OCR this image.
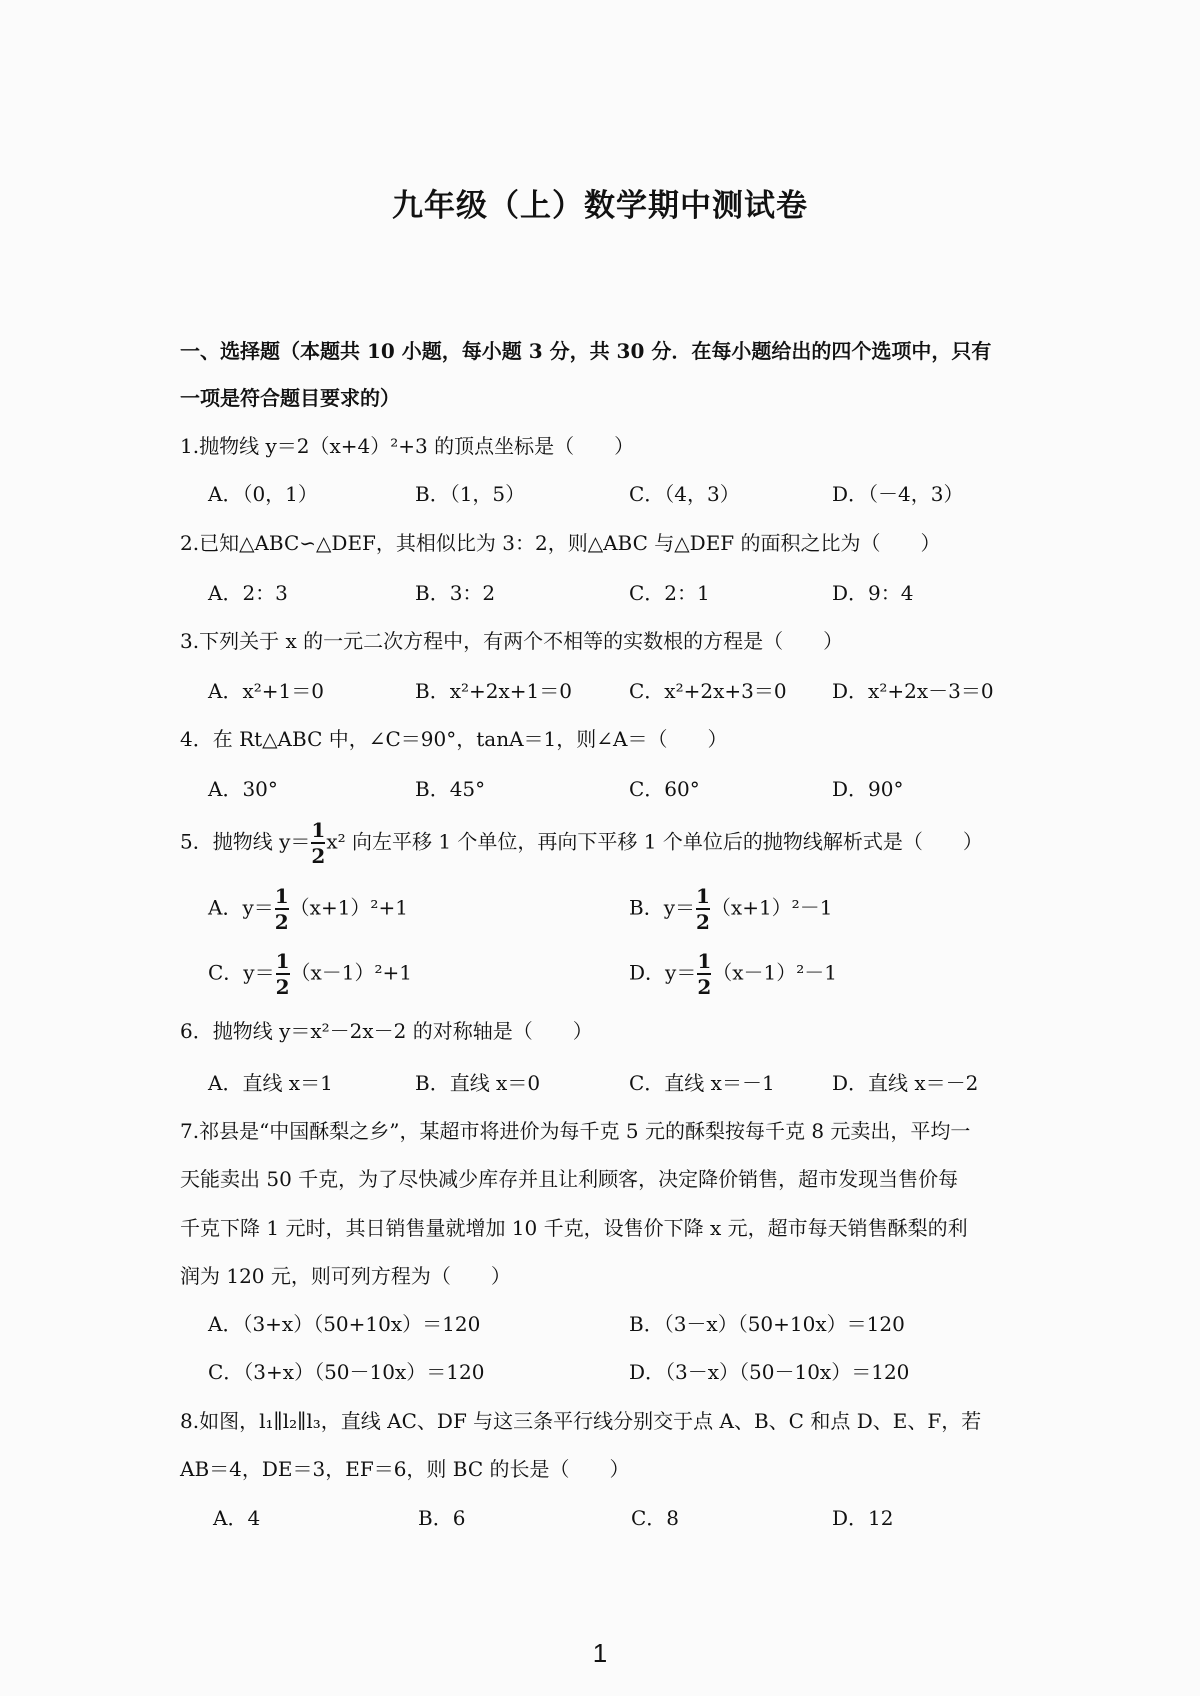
九年级（上）数学期中测试卷
一、选择题（本题共 10 小题，每小题 3 分，共 30 分．在每小题给出的四个选项中，只有
一项是符合题目要求的）
1.抛物线 y＝2（x+4）²+3 的顶点坐标是（　　）
A．（0，1）	B．（1，5）	C．（4，3）	D．（－4，3）
2.已知△ABC∽△DEF，其相似比为 3：2，则△ABC 与△DEF 的面积之比为（　　）
A．2：3	B．3：2	C．2：1	D．9：4
3.下列关于 x 的一元二次方程中，有两个不相等的实数根的方程是（　　）
A．x²+1＝0	B．x²+2x+1＝0	C．x²+2x+3＝0 D．x²+2x－3＝0
4．在 Rt△ABC 中，∠C＝90°，tanA＝1，则∠A＝（　　）
A．30°	B．45°	C．60°	D．90°
5．抛物线 $y= \frac{1}{2} x^2$ 向左平移 1 个单位，再向下平移 1 个单位后的抛物线解析式是（　　）
A．$y= \frac{1}{2} (x+1)^2+1$	B．$y= \frac{1}{2} (x+1)^2-1$
C．$y= \frac{1}{2} (x-1)^2+1$	D．$y= \frac{1}{2} (x-1)^2-1$
6．抛物线 y＝x²－2x－2 的对称轴是（　　）
A．直线 x＝1	B．直线 x＝0	C．直线 x＝－1	D．直线 x＝－2
7.祁县是“中国酥梨之乡”，某超市将进价为每千克 5 元的酥梨按每千克 8 元卖出，平均一
天能卖出 50 千克，为了尽快减少库存并且让利顾客，决定降价销售，超市发现当售价每
千克下降 1 元时，其日销售量就增加 10 千克，设售价下降 x 元，超市每天销售酥梨的利
润为 120 元，则可列方程为（　　）
A．（3+x）（50+10x）＝120	B．（3－x）（50+10x）＝120
C．（3+x）（50－10x）＝120	D．（3－x）（50－10x）＝120
8.如图，l₁∥l₂∥l₃，直线 AC、DF 与这三条平行线分别交于点 A、B、C 和点 D、E、F，若
AB＝4，DE＝3，EF＝6，则 BC 的长是（　　）
A．4	B．6	C．8	D．12
1
